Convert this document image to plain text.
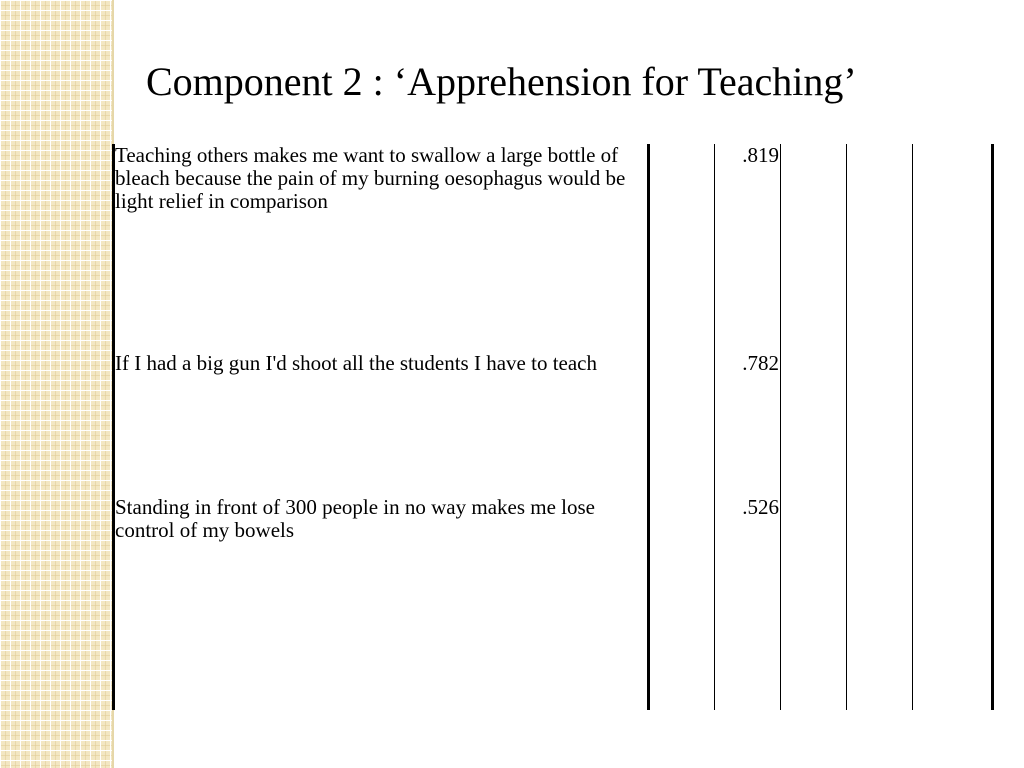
Component 2 : ‘Apprehension for Teaching’
Teaching others makes me want to swallow a large bottle of bleach because the pain of my burning oesophagus would be light relief in comparison
.819
If I had a big gun I'd shoot all the students I have to teach	.782
Standing in front of 300 people in no way makes me lose control of my bowels
.526
